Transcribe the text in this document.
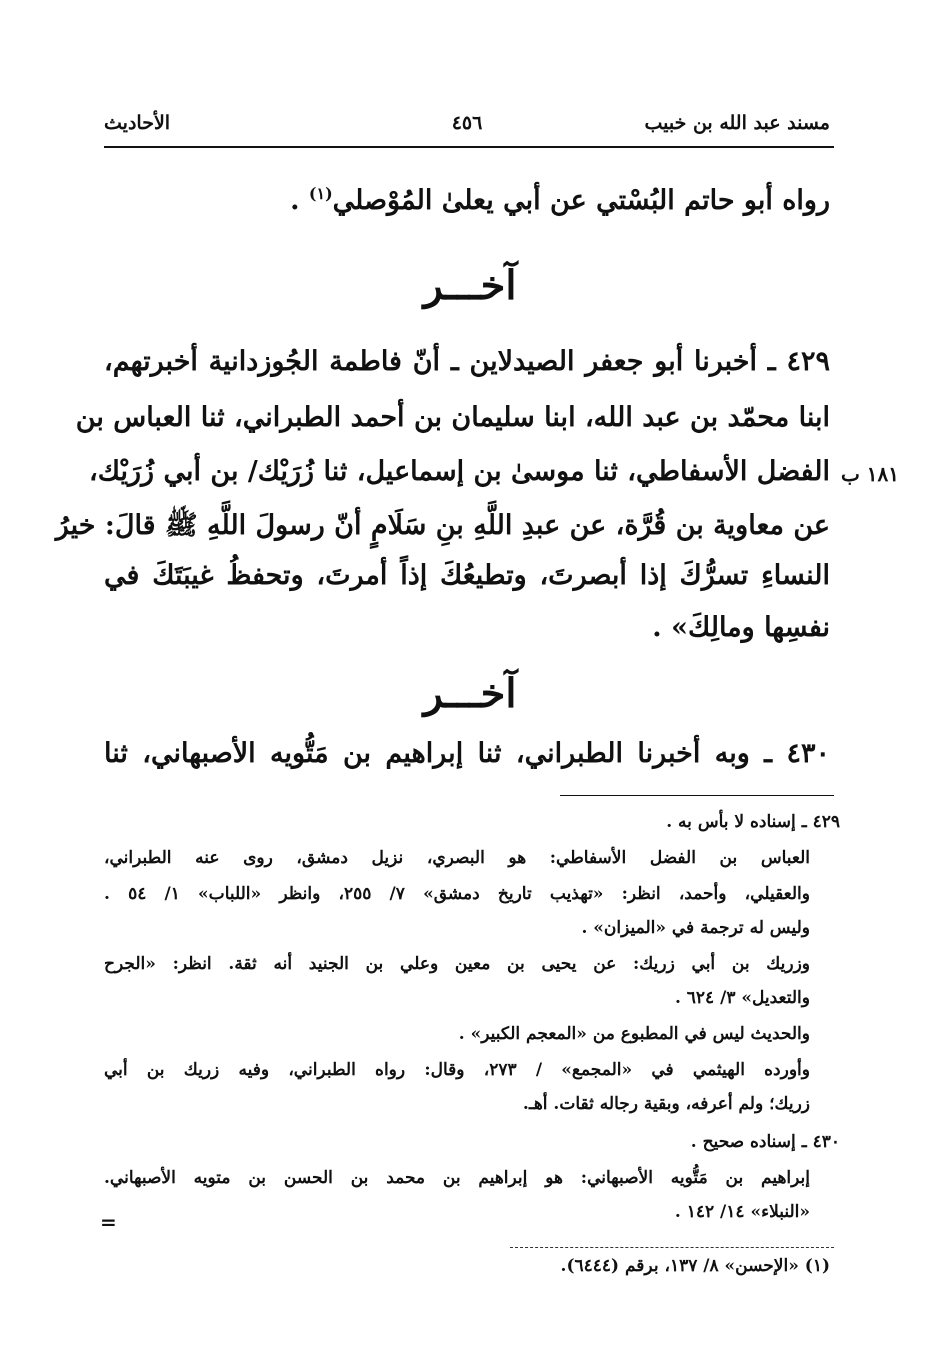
مسند عبد الله بن خبيب
٤٥٦
الأحاديث
رواه أبو حاتم البُسْتي عن أبي يعلىٰ المُوْصلي$^{(١)}$ .
آخـــر
٤٢٩ ـ أخبرنا أبو جعفر الصيدلاين ـ أنّ فاطمة الجُوزدانية أخبرتهم،
ابنا محمّد بن عبد الله، ابنا سليمان بن أحمد الطبراني، ثنا العباس بن
الفضل الأسفاطي، ثنا موسىٰ بن إسماعيل، ثنا زُرَيْك/ بن أبي زُرَيْك،
عن معاوية بن قُرَّة، عن عبدِ اللَّهِ بنِ سَلَامٍ أنّ رسولَ اللَّهِ ﷺ قالَ: خيرُ
النساءِ تسرُّكَ إذا أبصرتَ، وتطيعُكَ إذاً أمرتَ، وتحفظُ غيبَتَكَ في
نفسِها ومالِكَ» .
١٨١ ب
آخـــر
٤٣٠ ـ وبه أخبرنا الطبراني، ثنا إبراهيم بن مَتُّويه الأصبهاني، ثنا
٤٢٩ ـ إسناده لا بأس به .
العباس بن الفضل الأسفاطي: هو البصري، نزيل دمشق، روى عنه الطبراني،
والعقيلي، وأحمد، انظر: «تهذيب تاريخ دمشق» ٧/ ٢٥٥، وانظر «اللباب» ١/ ٥٤ .
وليس له ترجمة في «الميزان» .
وزريك بن أبي زريك: عن يحيى بن معين وعلي بن الجنيد أنه ثقة. انظر: «الجرح
والتعديل» ٣/ ٦٢٤ .
والحديث ليس في المطبوع من «المعجم الكبير» .
وأورده الهيثمي في «المجمع» / ٢٧٣، وقال: رواه الطبراني، وفيه زريك بن أبي
زريك؛ ولم أعرفه، وبقية رجاله ثقات. أهـ.
٤٣٠ ـ إسناده صحيح .
إبراهيم بن مَتُّويه الأصبهاني: هو إبراهيم بن محمد بن الحسن بن متويه الأصبهاني.
«النبلاء» ١٤/ ١٤٢ .
=
(١) «الإحسن» ٨/ ١٣٧، برقم (٦٤٤٤).
